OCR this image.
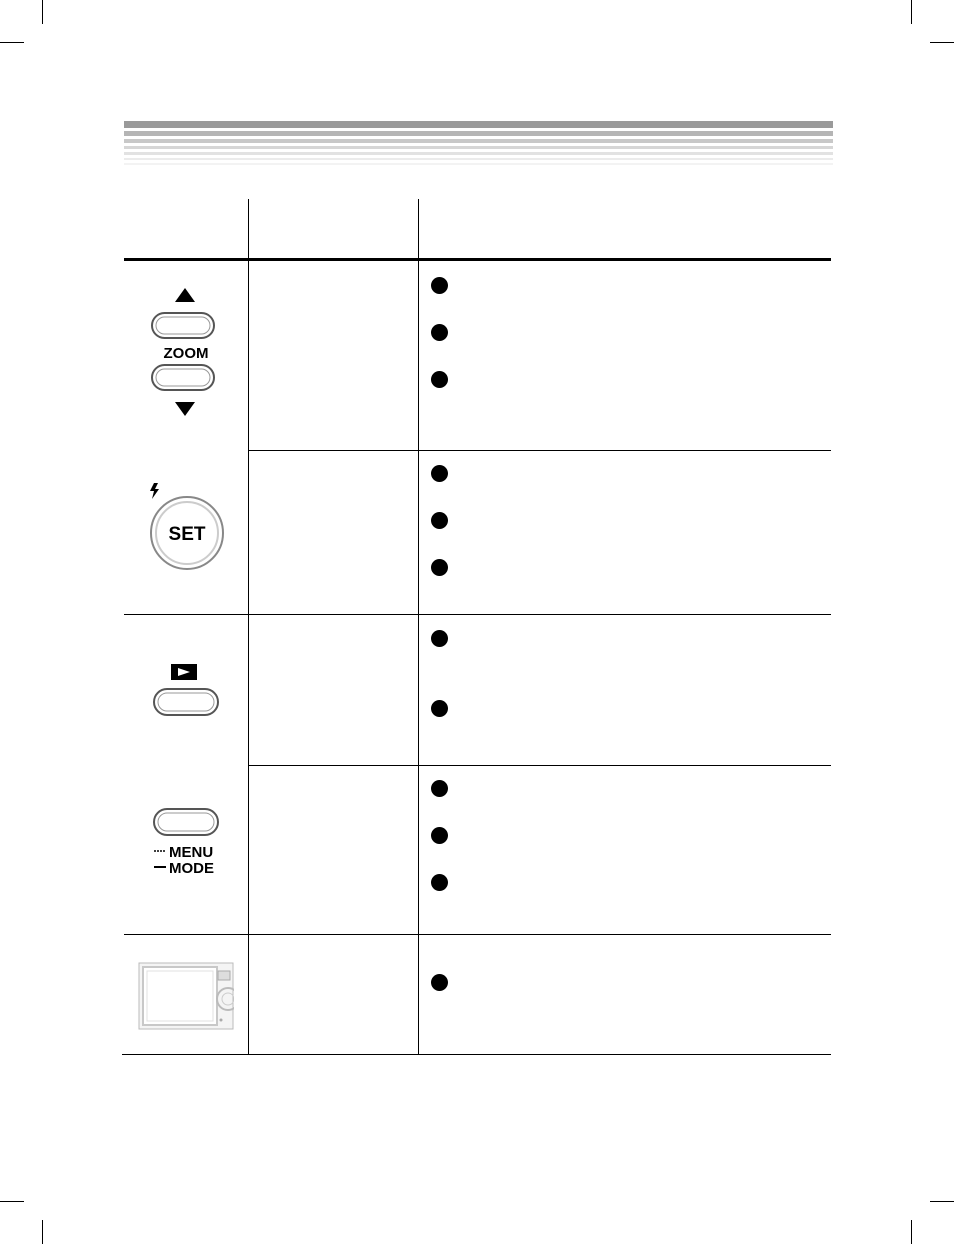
ZOOM
SET
MENU
MODE
